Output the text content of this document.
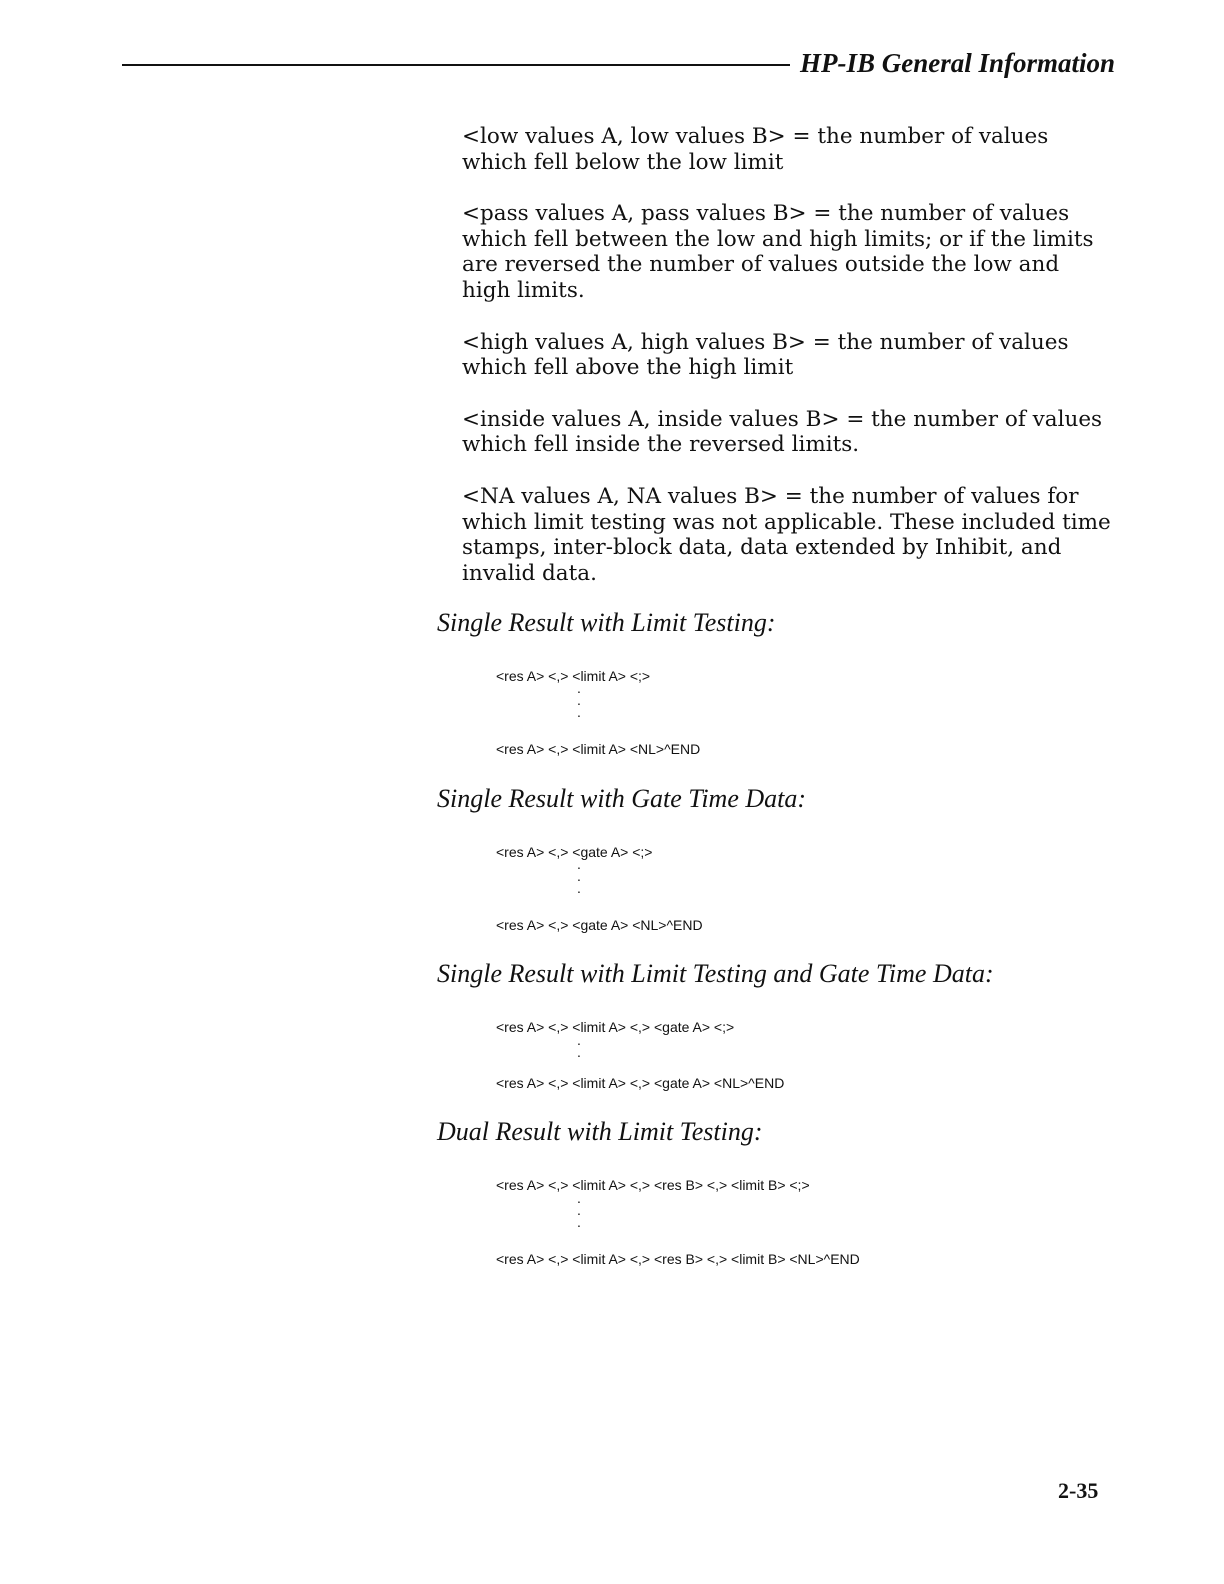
HP-IB General Information

<low values A, low values B> = the number of values which fell below the low limit

<pass values A, pass values B> = the number of values which fell between the low and high limits; or if the limits are reversed the number of values outside the low and high limits.

<high values A, high values B> = the number of values which fell above the high limit

<inside values A, inside values B> = the number of values which fell inside the reversed limits.

<NA values A, NA values B> = the number of values for which limit testing was not applicable. These included time stamps, inter-block data, data extended by Inhibit, and invalid data.

Single Result with Limit Testing:
<res A> <,> <limit A> <;>
.
.
.
<res A> <,> <limit A> <NL>^END
Single Result with Gate Time Data:
<res A> <,> <gate A> <;>
.
.
.
<res A> <,> <gate A> <NL>^END
Single Result with Limit Testing and Gate Time Data:
<res A> <,> <limit A> <,> <gate A> <;>
.
.
<res A> <,> <limit A> <,> <gate A> <NL>^END
Dual Result with Limit Testing:
<res A> <,> <limit A> <,> <res B> <,> <limit B> <;>
.
.
.
<res A> <,> <limit A> <,> <res B> <,> <limit B> <NL>^END
2-35
